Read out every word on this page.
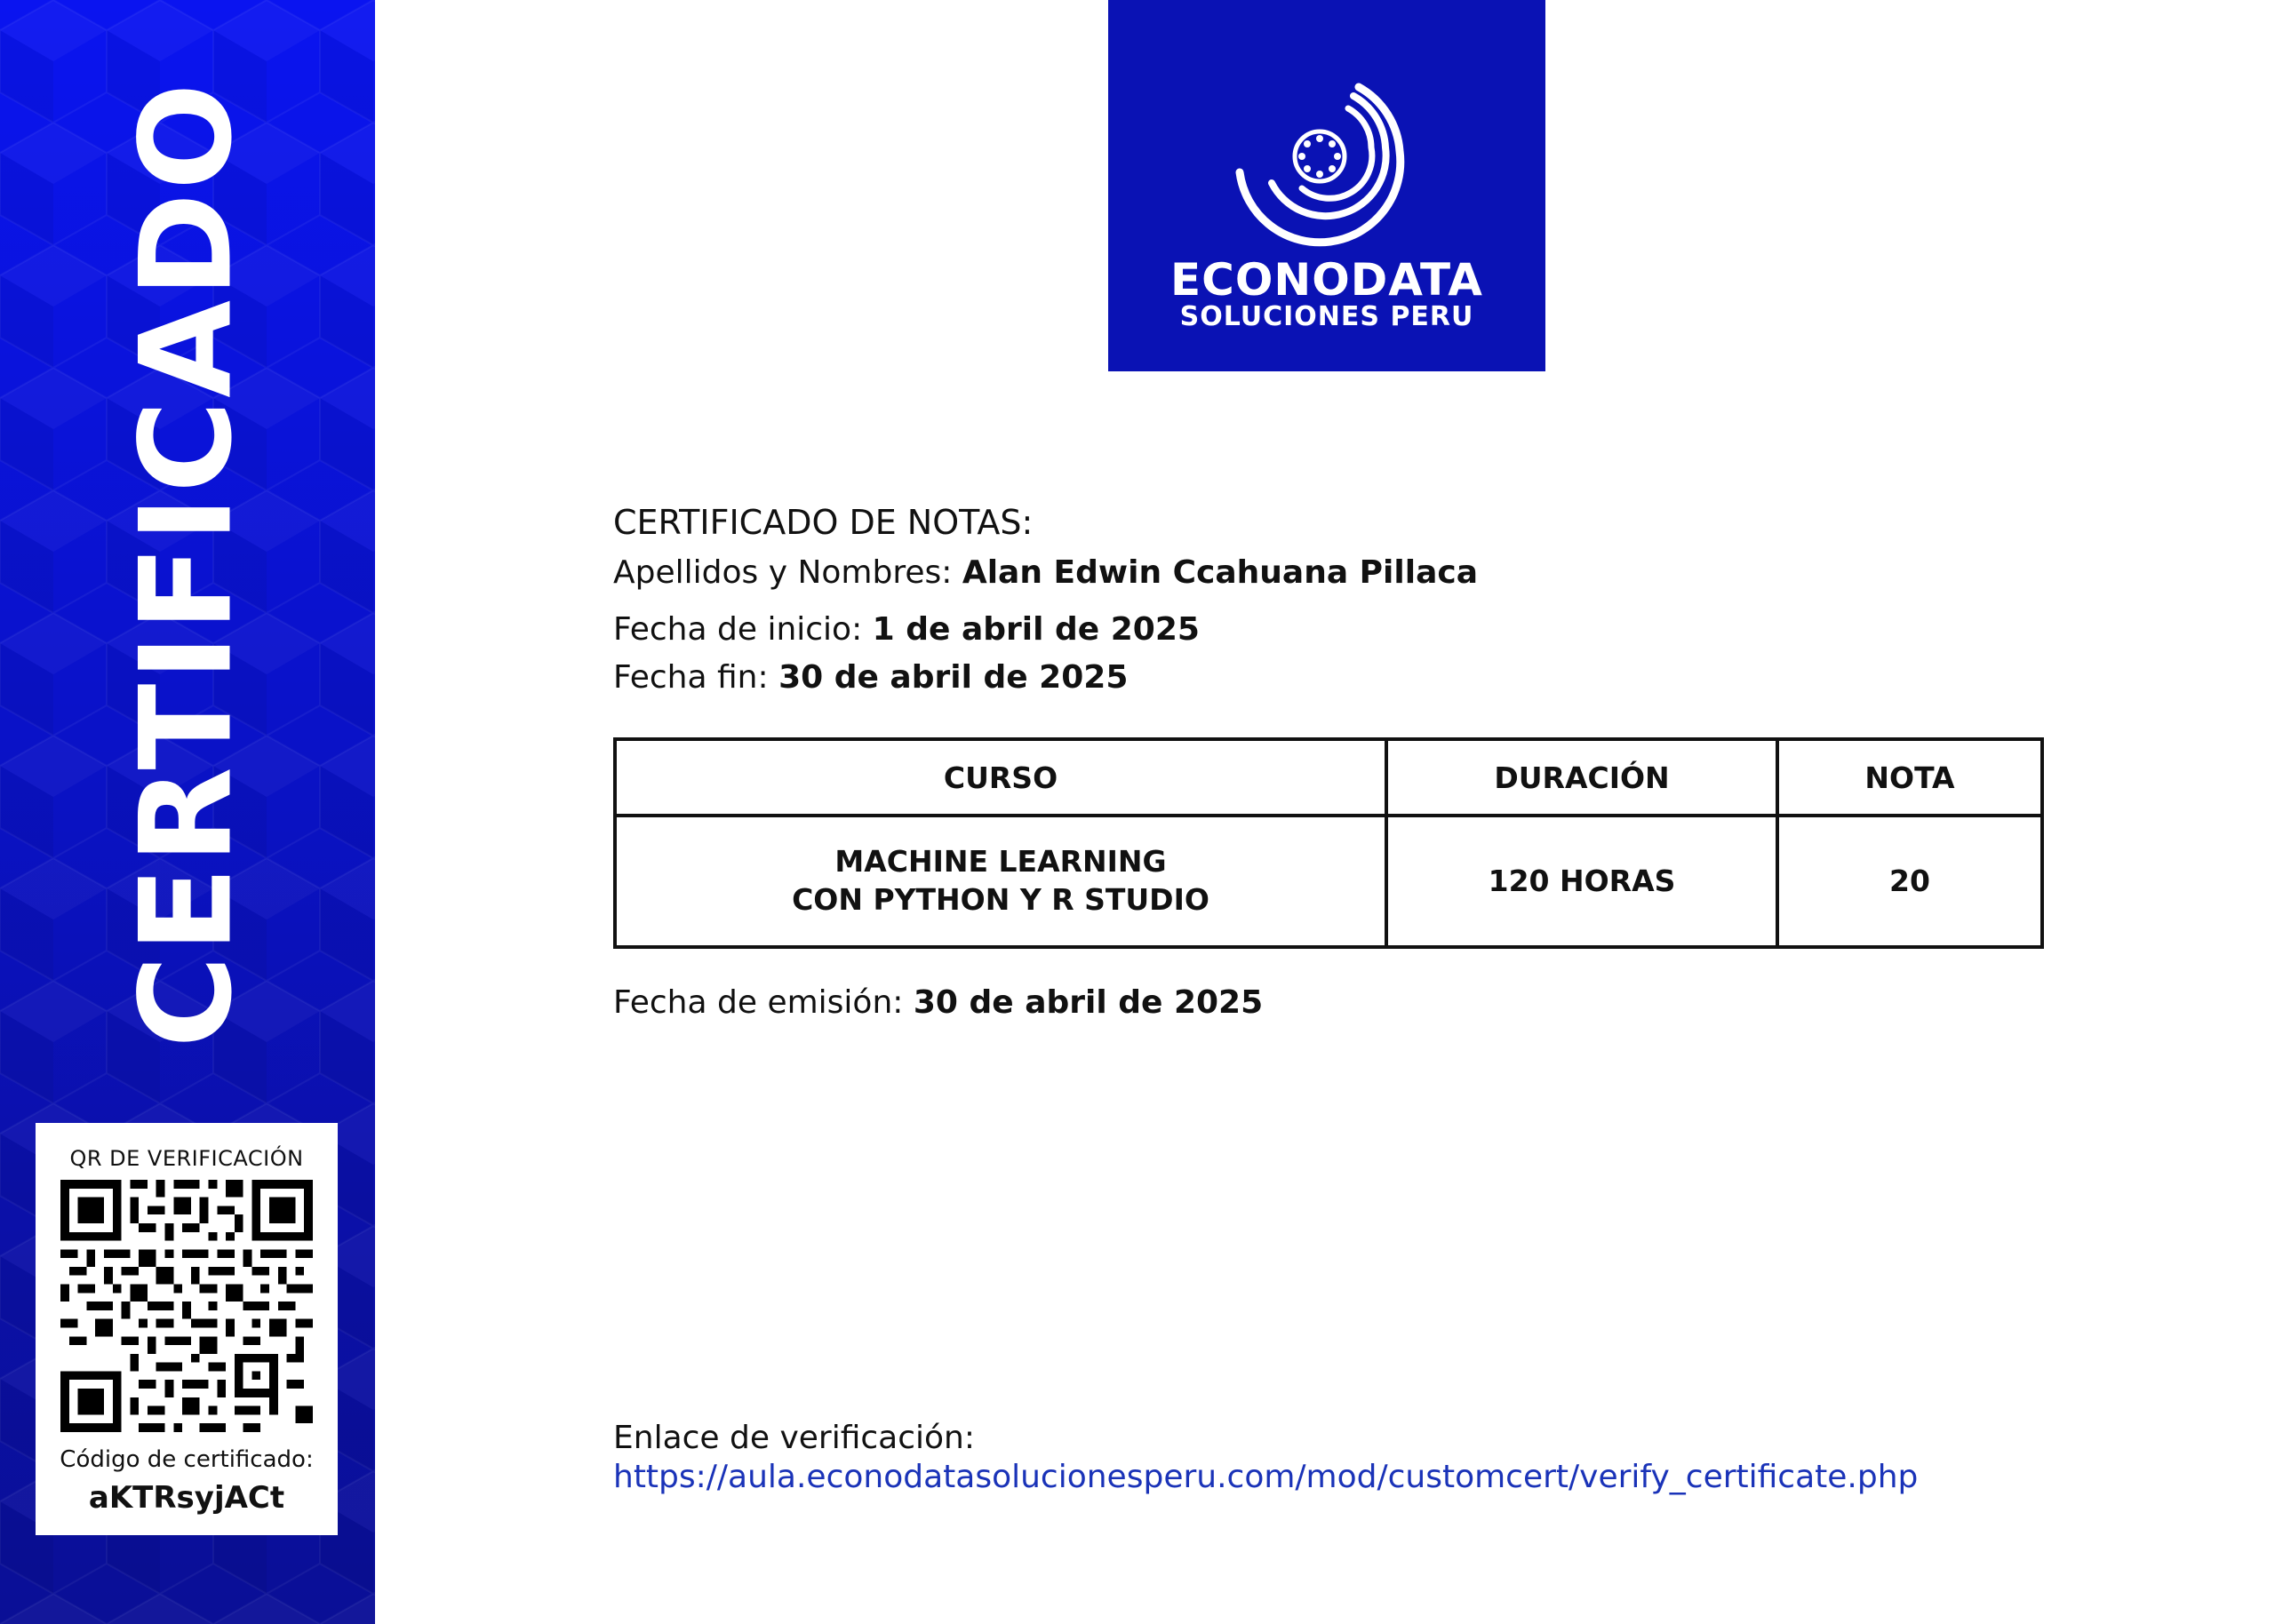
CERTIFICADO
QR DE VERIFICACIÓN
Código de certificado:
aKTRsyjACt
ECONODATA
SOLUCIONES PERU
CERTIFICADO DE NOTAS:
Apellidos y Nombres: Alan Edwin Ccahuana Pillaca
Fecha de inicio: 1 de abril de 2025
Fecha fin: 30 de abril de 2025
CURSO	DURACIÓN	NOTA

MACHINE LEARNING
CON PYTHON Y R STUDIO	120 HORAS	20
Fecha de emisión: 30 de abril de 2025
Enlace de verificación:
https://aula.econodatasolucionesperu.com/mod/customcert/verify_certificate.php
